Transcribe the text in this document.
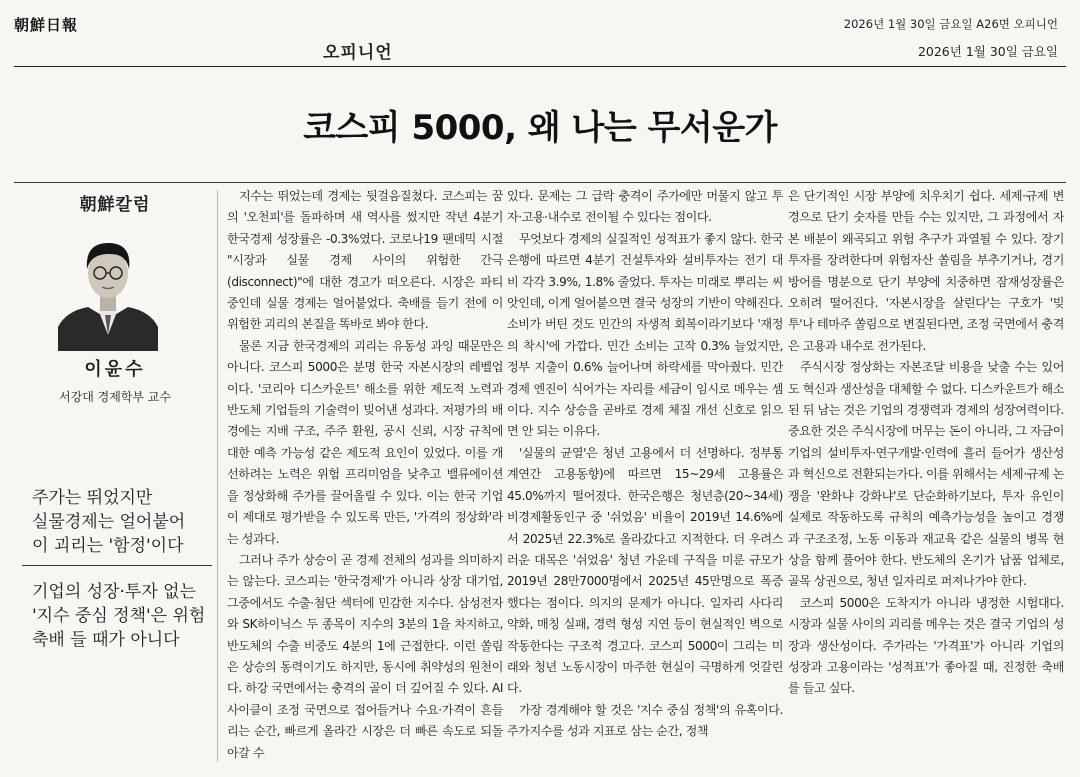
朝鮮日報	2026년 1월 30일 금요일 A26면 오피니언
오피니언	2026년 1월 30일 금요일
코스피 5000, 왜 나는 무서운가
朝鮮칼럼
이윤수
서강대 경제학부 교수
주가는 뛰었지만
실물경제는 얼어붙어
이 괴리는 '함정'이다
기업의 성장·투자 없는
'지수 중심 정책'은 위험
축배 들 때가 아니다

지수는 뛰었는데 경제는 뒷걸음질쳤다. 코스피는 꿈의 '오천피'를 돌파하며 새 역사를 썼지만 작년 4분기 한국경제 성장률은 -0.3%였다. 코로나19 팬데믹 시절 "시장과 실물 경제 사이의 위험한 간극(disconnect)"에 대한 경고가 떠오른다. 시장은 파티 중인데 실물 경제는 얼어붙었다. 축배를 들기 전에 이 위험한 괴리의 본질을 똑바로 봐야 한다.

물론 지금 한국경제의 괴리는 유동성 과잉 때문만은 아니다. 코스피 5000은 분명 한국 자본시장의 레벨업이다. '코리아 디스카운트' 해소를 위한 제도적 노력과 반도체 기업들의 기술력이 빚어낸 성과다. 저평가의 배경에는 지배 구조, 주주 환원, 공시 신뢰, 시장 규칙에 대한 예측 가능성 같은 제도적 요인이 있었다. 이를 개선하려는 노력은 위험 프리미엄을 낮추고 밸류에이션을 정상화해 주가를 끌어올릴 수 있다. 이는 한국 기업이 제대로 평가받을 수 있도록 만든, '가격의 정상화'라는 성과다.

그러나 주가 상승이 곧 경제 전체의 성과를 의미하지는 않는다. 코스피는 '한국경제'가 아니라 상장 대기업, 그중에서도 수출·첨단 섹터에 민감한 지수다. 삼성전자와 SK하이닉스 두 종목이 지수의 3분의 1을 차지하고, 반도체의 수출 비중도 4분의 1에 근접한다. 이런 쏠림은 상승의 동력이기도 하지만, 동시에 취약성의 원천이다. 하강 국면에서는 충격의 골이 더 깊어질 수 있다. AI 사이클이 조정 국면으로 접어들거나 수요·가격이 흔들리는 순간, 빠르게 올라간 시장은 더 빠른 속도로 되돌아갈 수

있다. 문제는 그 급락 충격이 주가에만 머물지 않고 투자·고용·내수로 전이될 수 있다는 점이다.

무엇보다 경제의 실질적인 성적표가 좋지 않다. 한국은행에 따르면 4분기 건설투자와 설비투자는 전기 대비 각각 3.9%, 1.8% 줄었다. 투자는 미래로 뿌리는 씨앗인데, 이게 얼어붙으면 결국 성장의 기반이 약해진다. 소비가 버틴 것도 민간의 자생적 회복이라기보다 '재정의 착시'에 가깝다. 민간 소비는 고작 0.3% 늘었지만, 정부 지출이 0.6% 늘어나며 하락세를 막아줬다. 민간 경제 엔진이 식어가는 자리를 세금이 임시로 메우는 셈이다. 지수 상승을 곧바로 경제 체질 개선 신호로 읽으면 안 되는 이유다.

'실물의 균열'은 청년 고용에서 더 선명하다. 정부통계연간 고용동향)에 따르면 15~29세 고용률은 45.0%까지 떨어졌다. 한국은행은 청년층(20~34세) 비경제활동인구 중 '쉬었음' 비율이 2019년 14.6%에서 2025년 22.3%로 올라갔다고 지적한다. 더 우려스러운 대목은 '쉬었음' 청년 가운데 구직을 미룬 규모가 2019년 28만7000명에서 2025년 45만명으로 폭증했다는 점이다. 의지의 문제가 아니다. 일자리 사다리 약화, 매칭 실패, 경력 형성 지연 등이 현실적인 벽으로 작동한다는 구조적 경고다. 코스피 5000이 그리는 미래와 청년 노동시장이 마주한 현실이 극명하게 엇갈린다.

가장 경계해야 할 것은 '지수 중심 정책'의 유혹이다. 주가지수를 성과 지표로 삼는 순간, 정책

은 단기적인 시장 부양에 치우치기 쉽다. 세제·규제 변경으로 단기 숫자를 만들 수는 있지만, 그 과정에서 자본 배분이 왜곡되고 위험 추구가 과열될 수 있다. 장기 투자를 장려한다며 위험자산 쏠림을 부추기거나, 경기 방어를 명분으로 단기 부양에 치중하면 잠재성장률은 오히려 떨어진다. '자본시장을 살린다'는 구호가 '빚투'나 테마주 쏠림으로 변질된다면, 조정 국면에서 충격은 고용과 내수로 전가된다.

주식시장 정상화는 자본조달 비용을 낮출 수는 있어도 혁신과 생산성을 대체할 수 없다. 디스카운트가 해소된 뒤 남는 것은 기업의 경쟁력과 경제의 성장여력이다. 중요한 것은 주식시장에 머무는 돈이 아니라, 그 자금이 기업의 설비투자·연구개발·인력에 흘러 들어가 생산성과 혁신으로 전환되는가다. 이를 위해서는 세제·규제 논쟁을 '완화냐 강화냐'로 단순화하기보다, 투자 유인이 실제로 작동하도록 규칙의 예측가능성을 높이고 경쟁과 구조조정, 노동 이동과 재교육 같은 실물의 병목 현상을 함께 풀어야 한다. 반도체의 온기가 납품 업체로, 골목 상권으로, 청년 일자리로 퍼져나가야 한다.

코스피 5000은 도착지가 아니라 냉정한 시험대다. 시장과 실물 사이의 괴리를 메우는 것은 결국 기업의 성장과 생산성이다. 주가라는 '가격표'가 아니라 기업의 성장과 고용이라는 '성적표'가 좋아질 때, 진정한 축배를 들고 싶다.
